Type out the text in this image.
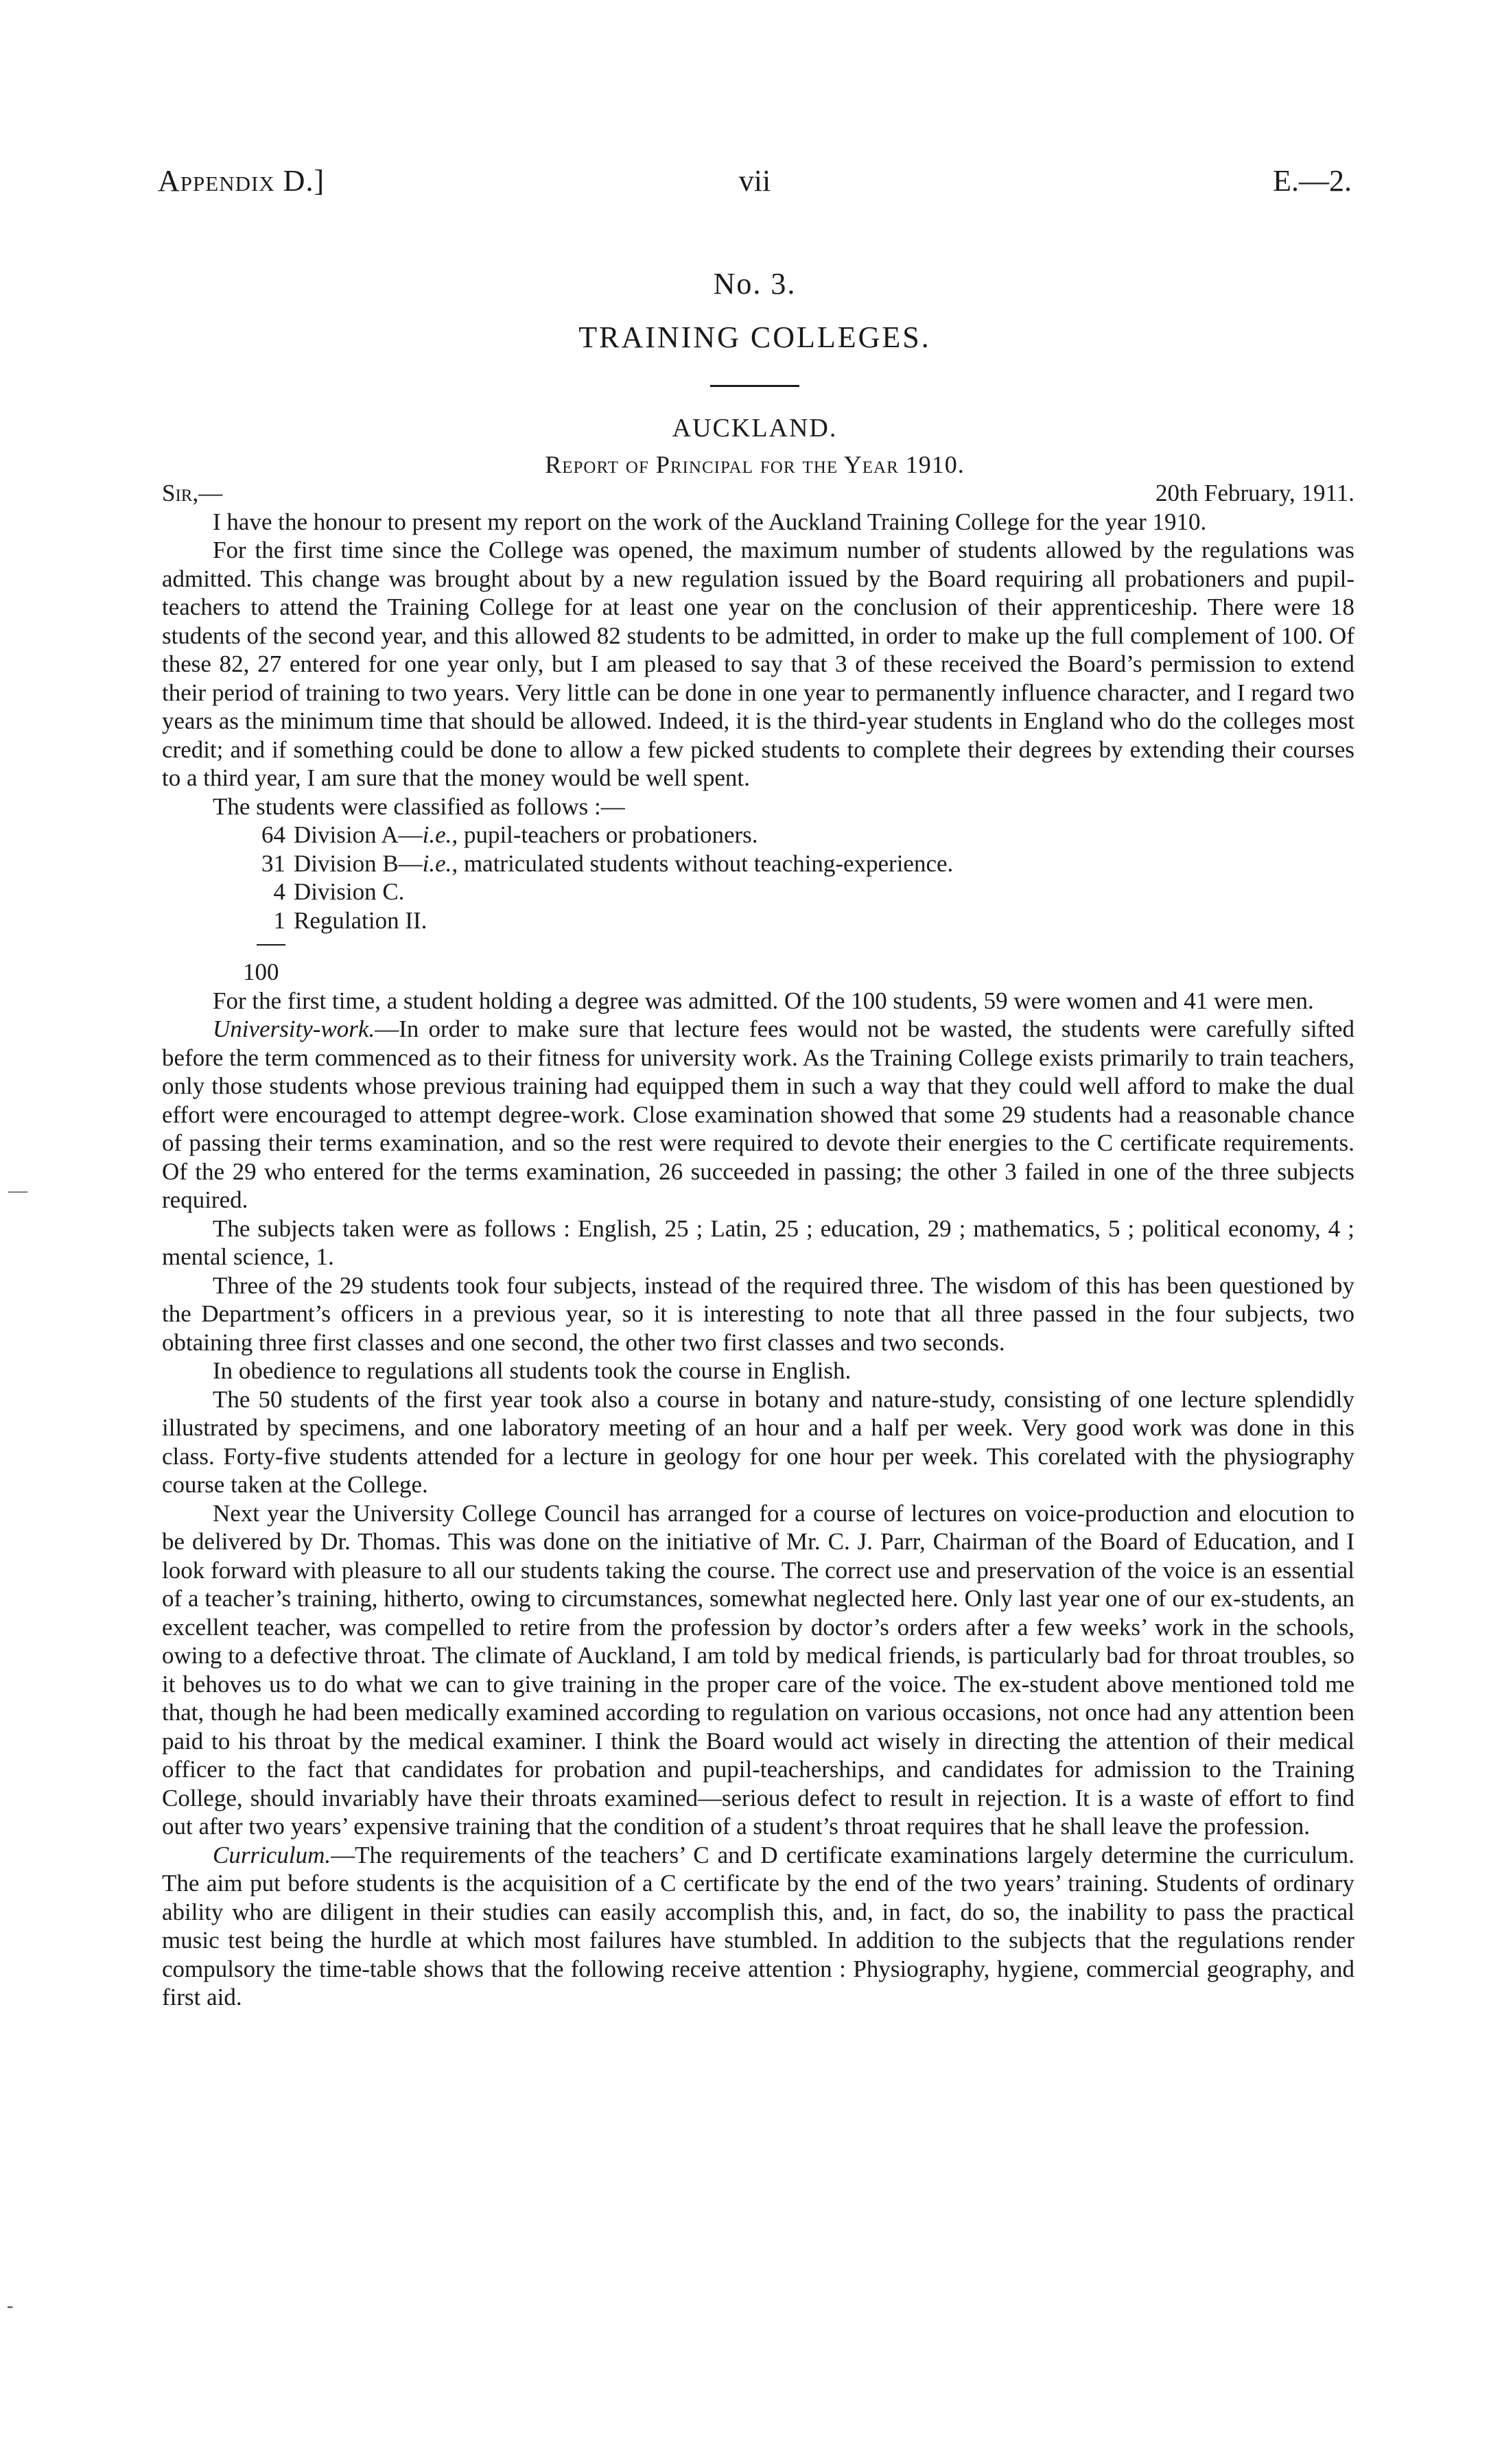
Appendix D.]	vii	E.—2.
No. 3.
TRAINING COLLEGES.
AUCKLAND.
Report of Principal for the Year 1910.
Sir,—	20th February, 1911.

I have the honour to present my report on the work of the Auckland Training College for the year 1910.

For the first time since the College was opened, the maximum number of students allowed by the regulations was admitted. This change was brought about by a new regulation issued by the Board requiring all probationers and pupil-teachers to attend the Training College for at least one year on the conclusion of their apprenticeship. There were 18 students of the second year, and this allowed 82 students to be admitted, in order to make up the full complement of 100. Of these 82, 27 entered for one year only, but I am pleased to say that 3 of these received the Board’s permission to extend their period of training to two years. Very little can be done in one year to permanently influence character, and I regard two years as the minimum time that should be allowed. Indeed, it is the third-year students in England who do the colleges most credit; and if something could be done to allow a few picked students to complete their degrees by extending their courses to a third year, I am sure that the money would be well spent.

The students were classified as follows :—

64 Division A—i.e., pupil-teachers or probationers.
31 Division B—i.e., matriculated students without teaching-experience.
4 Division C.
1 Regulation II.
100

For the first time, a student holding a degree was admitted. Of the 100 students, 59 were women and 41 were men.

University-work.—In order to make sure that lecture fees would not be wasted, the students were carefully sifted before the term commenced as to their fitness for university work. As the Training College exists primarily to train teachers, only those students whose previous training had equipped them in such a way that they could well afford to make the dual effort were encouraged to attempt degree-work. Close examination showed that some 29 students had a reasonable chance of passing their terms examination, and so the rest were required to devote their energies to the C certificate requirements. Of the 29 who entered for the terms examination, 26 succeeded in passing; the other 3 failed in one of the three subjects required.

The subjects taken were as follows : English, 25 ; Latin, 25 ; education, 29 ; mathematics, 5 ; political economy, 4 ; mental science, 1.

Three of the 29 students took four subjects, instead of the required three. The wisdom of this has been questioned by the Department’s officers in a previous year, so it is interesting to note that all three passed in the four subjects, two obtaining three first classes and one second, the other two first classes and two seconds.

In obedience to regulations all students took the course in English.

The 50 students of the first year took also a course in botany and nature-study, consisting of one lecture splendidly illustrated by specimens, and one laboratory meeting of an hour and a half per week. Very good work was done in this class. Forty-five students attended for a lecture in geology for one hour per week. This corelated with the physiography course taken at the College.

Next year the University College Council has arranged for a course of lectures on voice-production and elocution to be delivered by Dr. Thomas. This was done on the initiative of Mr. C. J. Parr, Chairman of the Board of Education, and I look forward with pleasure to all our students taking the course. The correct use and preservation of the voice is an essential of a teacher’s training, hitherto, owing to circumstances, somewhat neglected here. Only last year one of our ex-students, an excellent teacher, was compelled to retire from the profession by doctor’s orders after a few weeks’ work in the schools, owing to a defective throat. The climate of Auckland, I am told by medical friends, is particularly bad for throat troubles, so it behoves us to do what we can to give training in the proper care of the voice. The ex-student above mentioned told me that, though he had been medically examined according to regulation on various occasions, not once had any attention been paid to his throat by the medical examiner. I think the Board would act wisely in directing the attention of their medical officer to the fact that candidates for probation and pupil-teacherships, and candidates for admission to the Training College, should invariably have their throats examined—serious defect to result in rejection. It is a waste of effort to find out after two years’ expensive training that the condition of a student’s throat requires that he shall leave the profession.

Curriculum.—The requirements of the teachers’ C and D certificate examinations largely determine the curriculum. The aim put before students is the acquisition of a C certificate by the end of the two years’ training. Students of ordinary ability who are diligent in their studies can easily accomplish this, and, in fact, do so, the inability to pass the practical music test being the hurdle at which most failures have stumbled. In addition to the subjects that the regulations render compulsory the time-table shows that the following receive attention : Physiography, hygiene, commercial geography, and first aid.

—
-
